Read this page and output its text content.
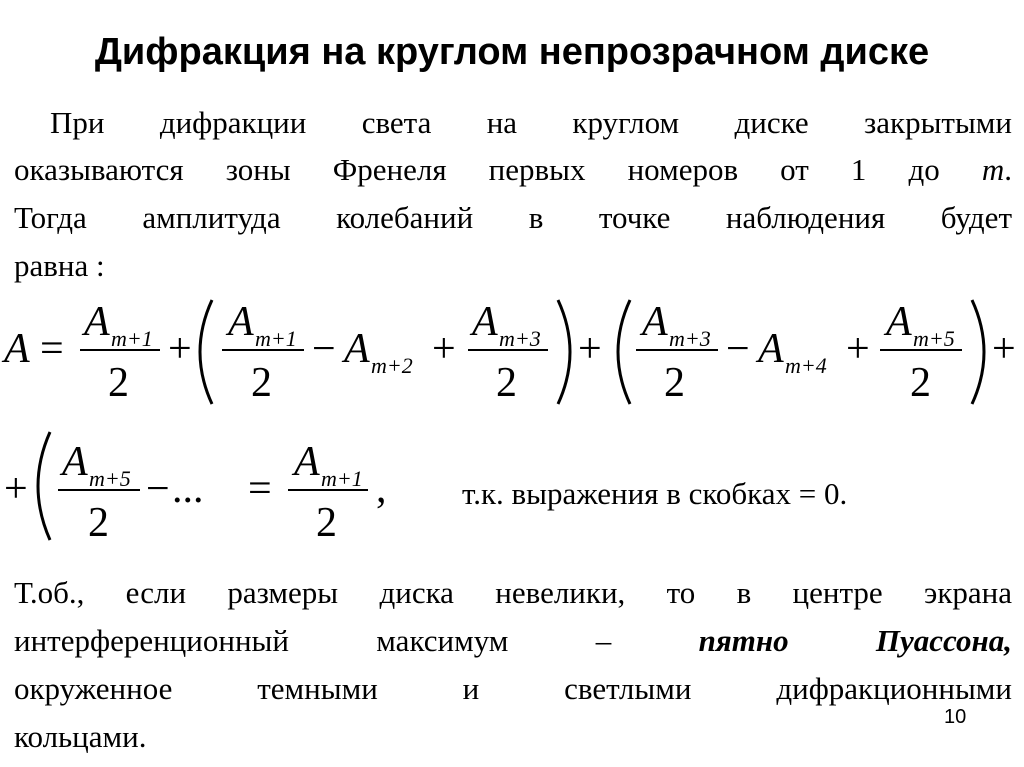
Дифракция на круглом непрозрачном диске
При дифракции света на круглом диске закрытыми
оказываются зоны Френеля первых номеров от 1 до m.
Тогда амплитуда колебаний в точке наблюдения будет
равна :
A =
A m+1
2
+
A m+1
2
− A m+2 +
A m+3
2
+
A m+3
2
− A m+4 +
A m+5
2
+
+
A m+5
2
− ... =
A m+1
2
, т.к. выражения в скобках = 0.
Т.об., если размеры диска невелики, то в центре экрана
интерференционный максимум – пятно Пуассона,
окруженное темными и светлыми дифракционными
кольцами.
10
